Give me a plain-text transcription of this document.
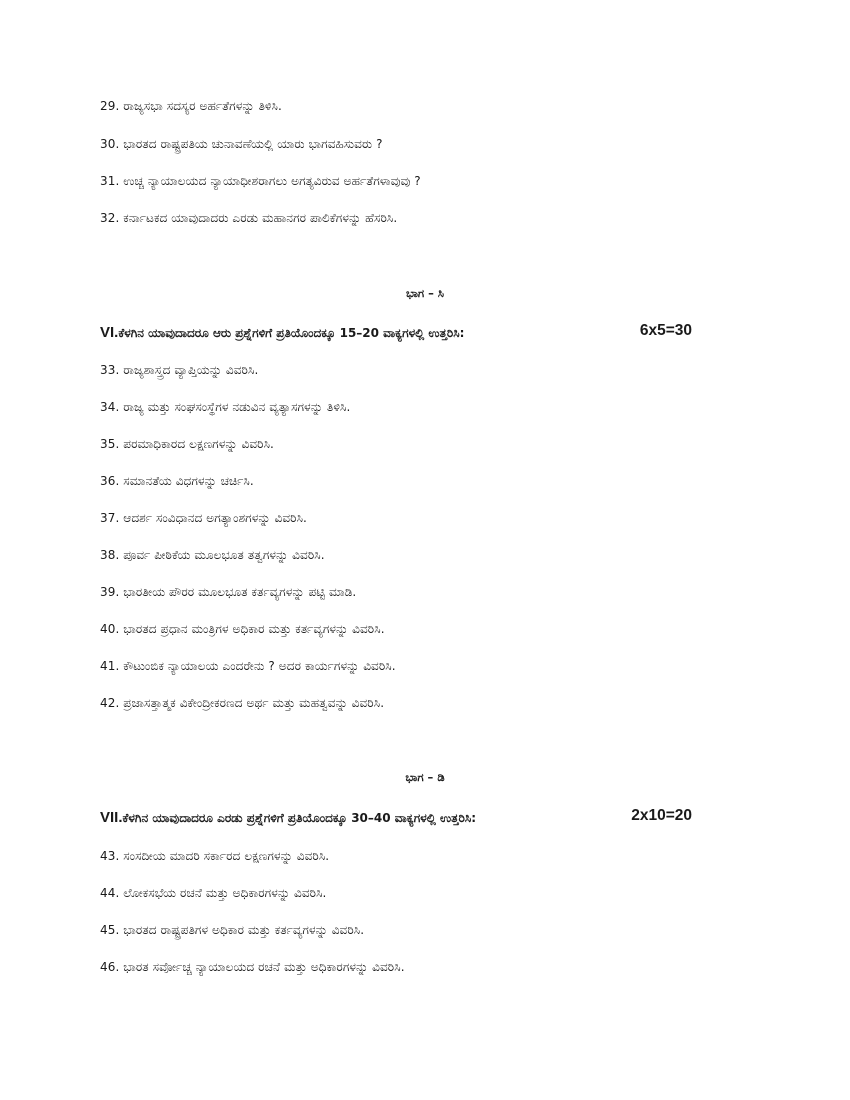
29. ರಾಜ್ಯಸಭಾ ಸದಸ್ಯರ ಅರ್ಹತೆಗಳನ್ನು ತಿಳಿಸಿ.
30. ಭಾರತದ ರಾಷ್ಟ್ರಪತಿಯ ಚುನಾವಣೆಯಲ್ಲಿ ಯಾರು ಭಾಗವಹಿಸುವರು ?
31. ಉಚ್ಚ ನ್ಯಾಯಾಲಯದ ನ್ಯಾಯಾಧೀಶರಾಗಲು ಅಗತ್ಯವಿರುವ ಅರ್ಹತೆಗಳಾವುವು ?
32. ಕರ್ನಾಟಕದ ಯಾವುದಾದರು ಎರಡು ಮಹಾನಗರ ಪಾಲಿಕೆಗಳನ್ನು ಹೆಸರಿಸಿ.
ಭಾಗ – ಸಿ
VI.ಕೆಳಗಿನ ಯಾವುದಾದರೂ ಆರು ಪ್ರಶ್ನೆಗಳಿಗೆ ಪ್ರತಿಯೊಂದಕ್ಕೂ 15–20 ವಾಕ್ಯಗಳಲ್ಲಿ ಉತ್ತರಿಸಿ:	6x5=30
33. ರಾಜ್ಯಶಾಸ್ತ್ರದ ವ್ಯಾಪ್ತಿಯನ್ನು ವಿವರಿಸಿ.
34. ರಾಜ್ಯ ಮತ್ತು ಸಂಘಸಂಸ್ಥೆಗಳ ನಡುವಿನ ವ್ಯತ್ಯಾಸಗಳನ್ನು ತಿಳಿಸಿ.
35. ಪರಮಾಧಿಕಾರದ ಲಕ್ಷಣಗಳನ್ನು ವಿವರಿಸಿ.
36. ಸಮಾನತೆಯ ವಿಧಗಳನ್ನು ಚರ್ಚಿಸಿ.
37. ಆದರ್ಶ ಸಂವಿಧಾನದ ಅಗತ್ಯಾಂಶಗಳನ್ನು ವಿವರಿಸಿ.
38. ಪೂರ್ವ ಪೀಠಿಕೆಯ ಮೂಲಭೂತ ತತ್ವಗಳನ್ನು ವಿವರಿಸಿ.
39. ಭಾರತೀಯ ಪೌರರ ಮೂಲಭೂತ ಕರ್ತವ್ಯಗಳನ್ನು ಪಟ್ಟಿ ಮಾಡಿ.
40. ಭಾರತದ ಪ್ರಧಾನ ಮಂತ್ರಿಗಳ ಅಧಿಕಾರ ಮತ್ತು ಕರ್ತವ್ಯಗಳನ್ನು ವಿವರಿಸಿ.
41. ಕೌಟುಂಬಿಕ ನ್ಯಾಯಾಲಯ ಎಂದರೇನು ? ಅದರ ಕಾರ್ಯಗಳನ್ನು ವಿವರಿಸಿ.
42. ಪ್ರಜಾಸತ್ತಾತ್ಮಕ ವಿಕೇಂದ್ರೀಕರಣದ ಅರ್ಥ ಮತ್ತು ಮಹತ್ವವನ್ನು ವಿವರಿಸಿ.
ಭಾಗ – ಡಿ
VII.ಕೆಳಗಿನ ಯಾವುದಾದರೂ ಎರಡು ಪ್ರಶ್ನೆಗಳಿಗೆ ಪ್ರತಿಯೊಂದಕ್ಕೂ 30–40 ವಾಕ್ಯಗಳಲ್ಲಿ ಉತ್ತರಿಸಿ:	2x10=20
43. ಸಂಸದೀಯ ಮಾದರಿ ಸರ್ಕಾರದ ಲಕ್ಷಣಗಳನ್ನು ವಿವರಿಸಿ.
44. ಲೋಕಸಭೆಯ ರಚನೆ ಮತ್ತು ಅಧಿಕಾರಗಳನ್ನು ವಿವರಿಸಿ.
45. ಭಾರತದ ರಾಷ್ಟ್ರಪತಿಗಳ ಅಧಿಕಾರ ಮತ್ತು ಕರ್ತವ್ಯಗಳನ್ನು ವಿವರಿಸಿ.
46. ಭಾರತ ಸರ್ವೋಚ್ಚ ನ್ಯಾಯಾಲಯದ ರಚನೆ ಮತ್ತು ಅಧಿಕಾರಗಳನ್ನು ವಿವರಿಸಿ.
